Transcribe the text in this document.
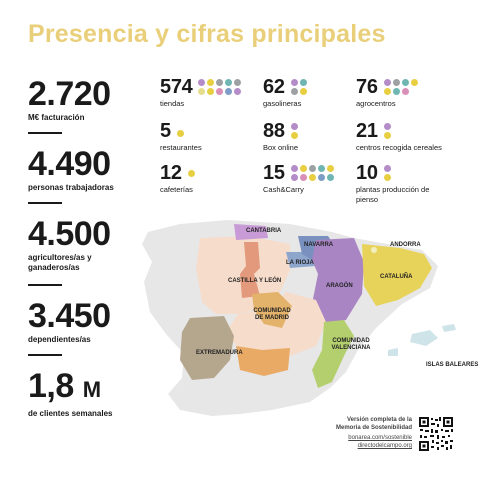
Presencia y cifras principales
2.720
M€ facturación
4.490
personas trabajadoras
4.500
agricultores/as y ganaderos/as
3.450
dependientes/as
1,8 M
de clientes semanales
574
tiendas
62
gasolineras
76
agrocentros
5
restaurantes
88
Box online
21
centros recogida cereales
12
cafeterías
15
Cash&Carry
10
plantas producción de pienso
CANTABRIA
NAVARRA
LA RIOJA
ARAGÓN
CATALUÑA
ANDORRA
CASTILLA Y LEÓN
COMUNIDAD DE MADRID
COMUNIDAD VALENCIANA
EXTREMADURA
ISLAS BALEARES
Versión completa de la
Memoria de Sostenibilidad
bonarea.com/sostenible
directodelcampo.org
